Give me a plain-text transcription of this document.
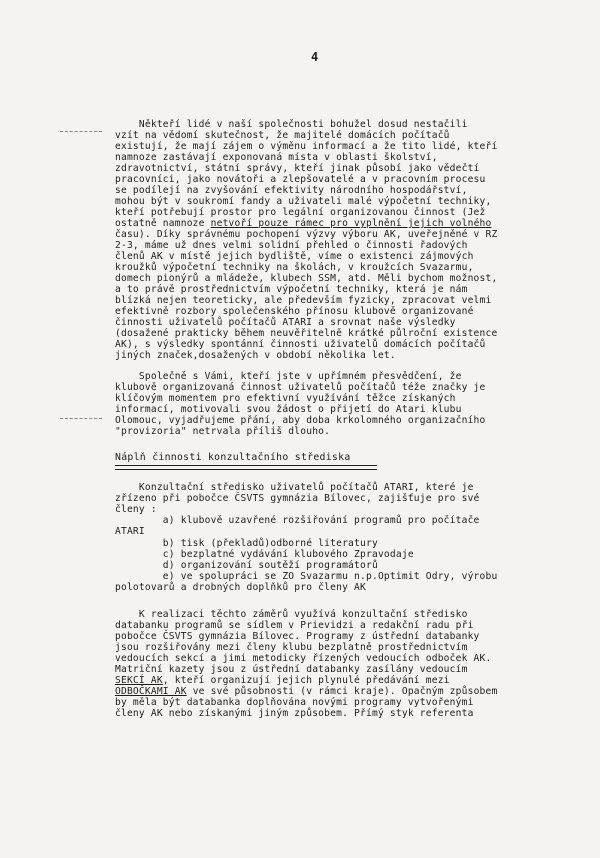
4
Někteří lidé v naší společnosti bohužel dosud nestačili
vzít na vědomí skutečnost, že majitelé domácích počítačů
existují, že mají zájem o výměnu informací a že tito lidé, kteří
namnoze zastávají exponovaná místa v oblasti školství,
zdravotnictví, státní správy, kteří jinak působí jako vědečtí
pracovníci, jako novátoři a zlepšovatelé a v pracovním procesu
se podílejí na zvyšování efektivity národního hospodářství,
mohou být v soukromí fandy a uživateli malé výpočetní techniky,
kteří potřebují prostor pro legální organizovanou činnost (Jež
ostatně namnoze netvoří pouze rámec pro vyplnění jejich volného
času). Díky správnému pochopení výzvy výboru AK, uveřejněné v RZ
2-3, máme už dnes velmi solidní přehled o činnosti řadových
členů AK v místě jejich bydliště, víme o existenci zájmových
kroužků výpočetní techniky na školách, v kroužcích Svazarmu,
domech pionýrů a mládeže, klubech SSM, atd. Měli bychom možnost,
a to právě prostřednictvím výpočetní techniky, která je nám
blízká nejen teoreticky, ale především fyzicky, zpracovat velmi
efektivně rozbory společenského přínosu klubově organizované
činnosti uživatelů počítačů ATARI a srovnat naše výsledky
(dosažené prakticky během neuvěřitelně krátké půlroční existence
AK), s výsledky spontánní činnosti uživatelů domácích počítačů
jiných značek,dosažených v období několika let.
Společně s Vámi, kteří jste v upřímném přesvědčení, že
klubově organizovaná činnost uživatelů počítačů téže značky je
klíčovým momentem pro efektivní využívání těžce získaných
informací, motivovali svou žádost o přijetí do Atari klubu
Olomouc, vyjadřujeme přání, aby doba krkolomného organizačního
"provizoria" netrvala příliš dlouho.
Náplň činnosti konzultačního střediska
Konzultační středisko uživatelů počítačů ATARI, které je
zřízeno při pobočce ČSVTS gymnázia Bílovec, zajišťuje pro své
členy :
a) klubově uzavřené rozšiřování programů pro počítače
ATARI
b) tisk (překladů)odborné literatury
c) bezplatné vydávání klubového Zpravodaje
d) organizování soutěží programátorů
e) ve spolupráci se ZO Svazarmu n.p.Optimit Odry, výrobu
polotovarů a drobných doplňků pro členy AK
K realizaci těchto záměrů využívá konzultační středisko
databanku programů se sídlem v Prievidzi a redakční radu při
pobočce ČSVTS gymnázia Bílovec. Programy z ústřední databanky
jsou rozšiřovány mezi členy klubu bezplatně prostřednictvím
vedoucích sekcí a jimi metodicky řízených vedoucích odboček AK.
Matriční kazety jsou z ústřední databanky zasílány vedoucím
SEKCÍ AK, kteří organizují jejich plynulé předávání mezi
ODBOČKAMI AK ve své působnosti (v rámci kraje). Opačným způsobem
by měla být databanka doplňována novými programy vytvořenými
členy AK nebo získanými jiným způsobem. Přímý styk referenta
